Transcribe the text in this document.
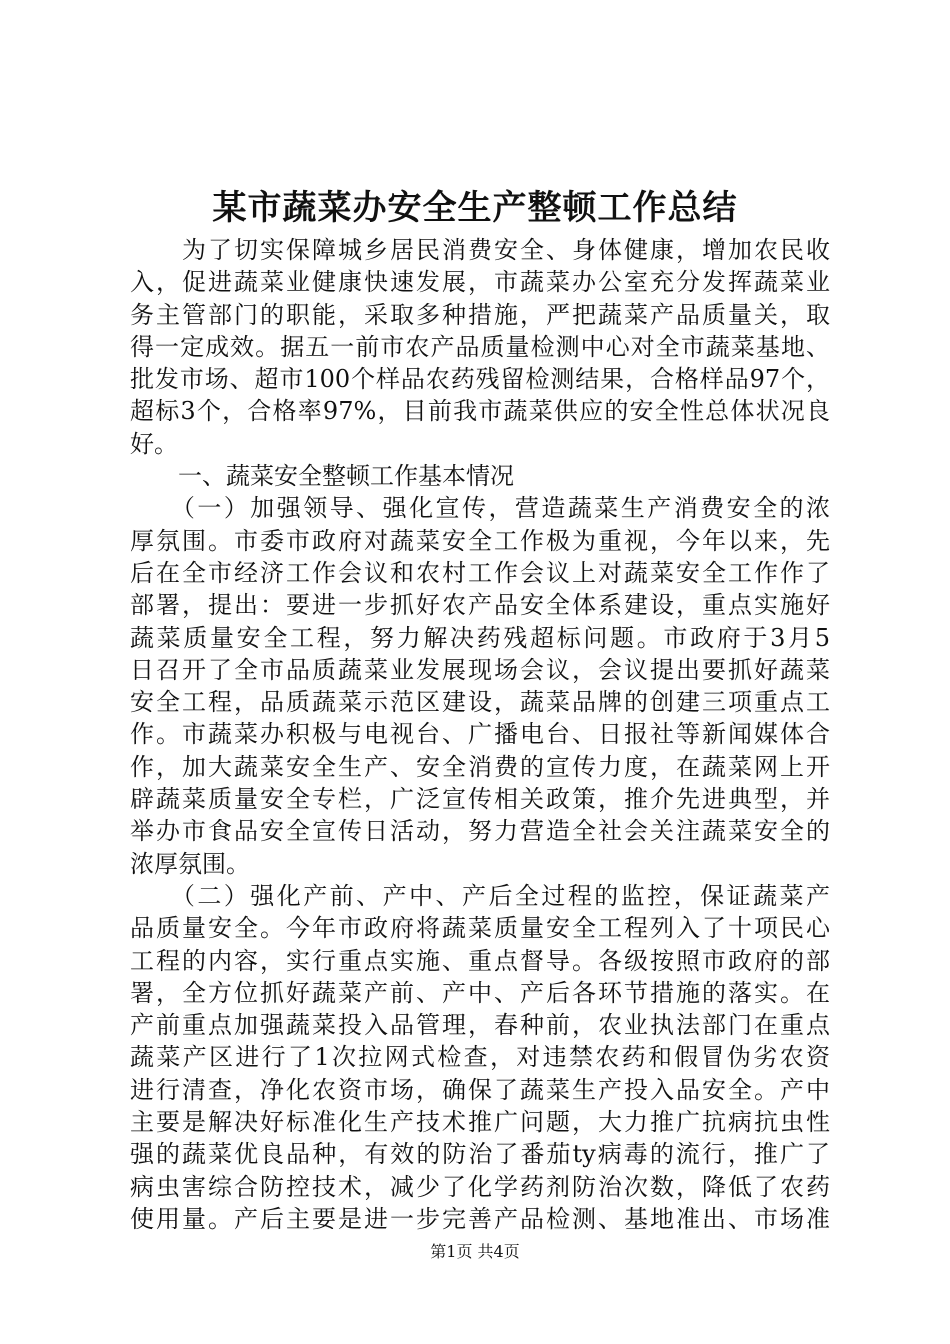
某市蔬菜办安全生产整顿工作总结
　　为了切实保障城乡居民消费安全、身体健康，增加农民收
入，促进蔬菜业健康快速发展，市蔬菜办公室充分发挥蔬菜业
务主管部门的职能，采取多种措施，严把蔬菜产品质量关，取
得一定成效。据五一前市农产品质量检测中心对全市蔬菜基地、
批发市场、超市100个样品农药残留检测结果，合格样品97个，
超标3个，合格率97%，目前我市蔬菜供应的安全性总体状况良
好。
　　一、蔬菜安全整顿工作基本情况
　　（一）加强领导、强化宣传，营造蔬菜生产消费安全的浓
厚氛围。市委市政府对蔬菜安全工作极为重视，今年以来，先
后在全市经济工作会议和农村工作会议上对蔬菜安全工作作了
部署，提出：要进一步抓好农产品安全体系建设，重点实施好
蔬菜质量安全工程，努力解决药残超标问题。市政府于3月5
日召开了全市品质蔬菜业发展现场会议，会议提出要抓好蔬菜
安全工程，品质蔬菜示范区建设，蔬菜品牌的创建三项重点工
作。市蔬菜办积极与电视台、广播电台、日报社等新闻媒体合
作，加大蔬菜安全生产、安全消费的宣传力度，在蔬菜网上开
辟蔬菜质量安全专栏，广泛宣传相关政策，推介先进典型，并
举办市食品安全宣传日活动，努力营造全社会关注蔬菜安全的
浓厚氛围。
　　（二）强化产前、产中、产后全过程的监控，保证蔬菜产
品质量安全。今年市政府将蔬菜质量安全工程列入了十项民心
工程的内容，实行重点实施、重点督导。各级按照市政府的部
署，全方位抓好蔬菜产前、产中、产后各环节措施的落实。在
产前重点加强蔬菜投入品管理，春种前，农业执法部门在重点
蔬菜产区进行了1次拉网式检查，对违禁农药和假冒伪劣农资
进行清查，净化农资市场，确保了蔬菜生产投入品安全。产中
主要是解决好标准化生产技术推广问题，大力推广抗病抗虫性
强的蔬菜优良品种，有效的防治了番茄ty病毒的流行，推广了
病虫害综合防控技术，减少了化学药剂防治次数，降低了农药
使用量。产后主要是进一步完善产品检测、基地准出、市场准
第1页 共4页
